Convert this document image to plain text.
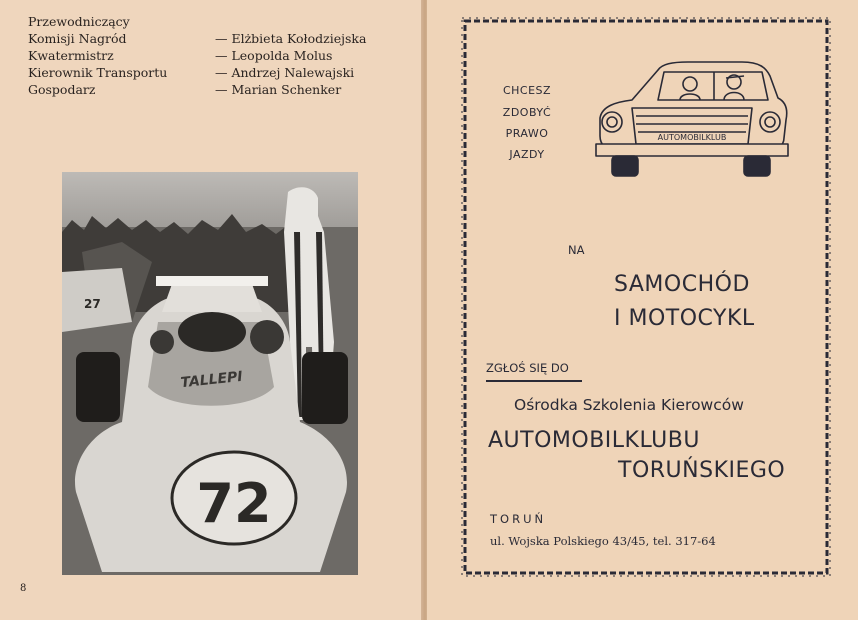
Przewodniczący
Komisji Nagród	— Elżbieta Kołodziejska
Kwatermistrz	— Leopolda Molus
Kierownik Transportu	— Andrzej Nalewajski
Gospodarz	— Marian Schenker
27
TALLEPI
72
8
CHCESZ
ZDOBYĆ
PRAWO
JAZDY
AUTOMOBILKLUB
NA
SAMOCHÓD
I MOTOCYKL
ZGŁOŚ SIĘ DO
Ośrodka Szkolenia Kierowców
AUTOMOBILKLUBU
TORUŃSKIEGO
TORUŃ
ul. Wojska Polskiego 43/45, tel. 317-64
